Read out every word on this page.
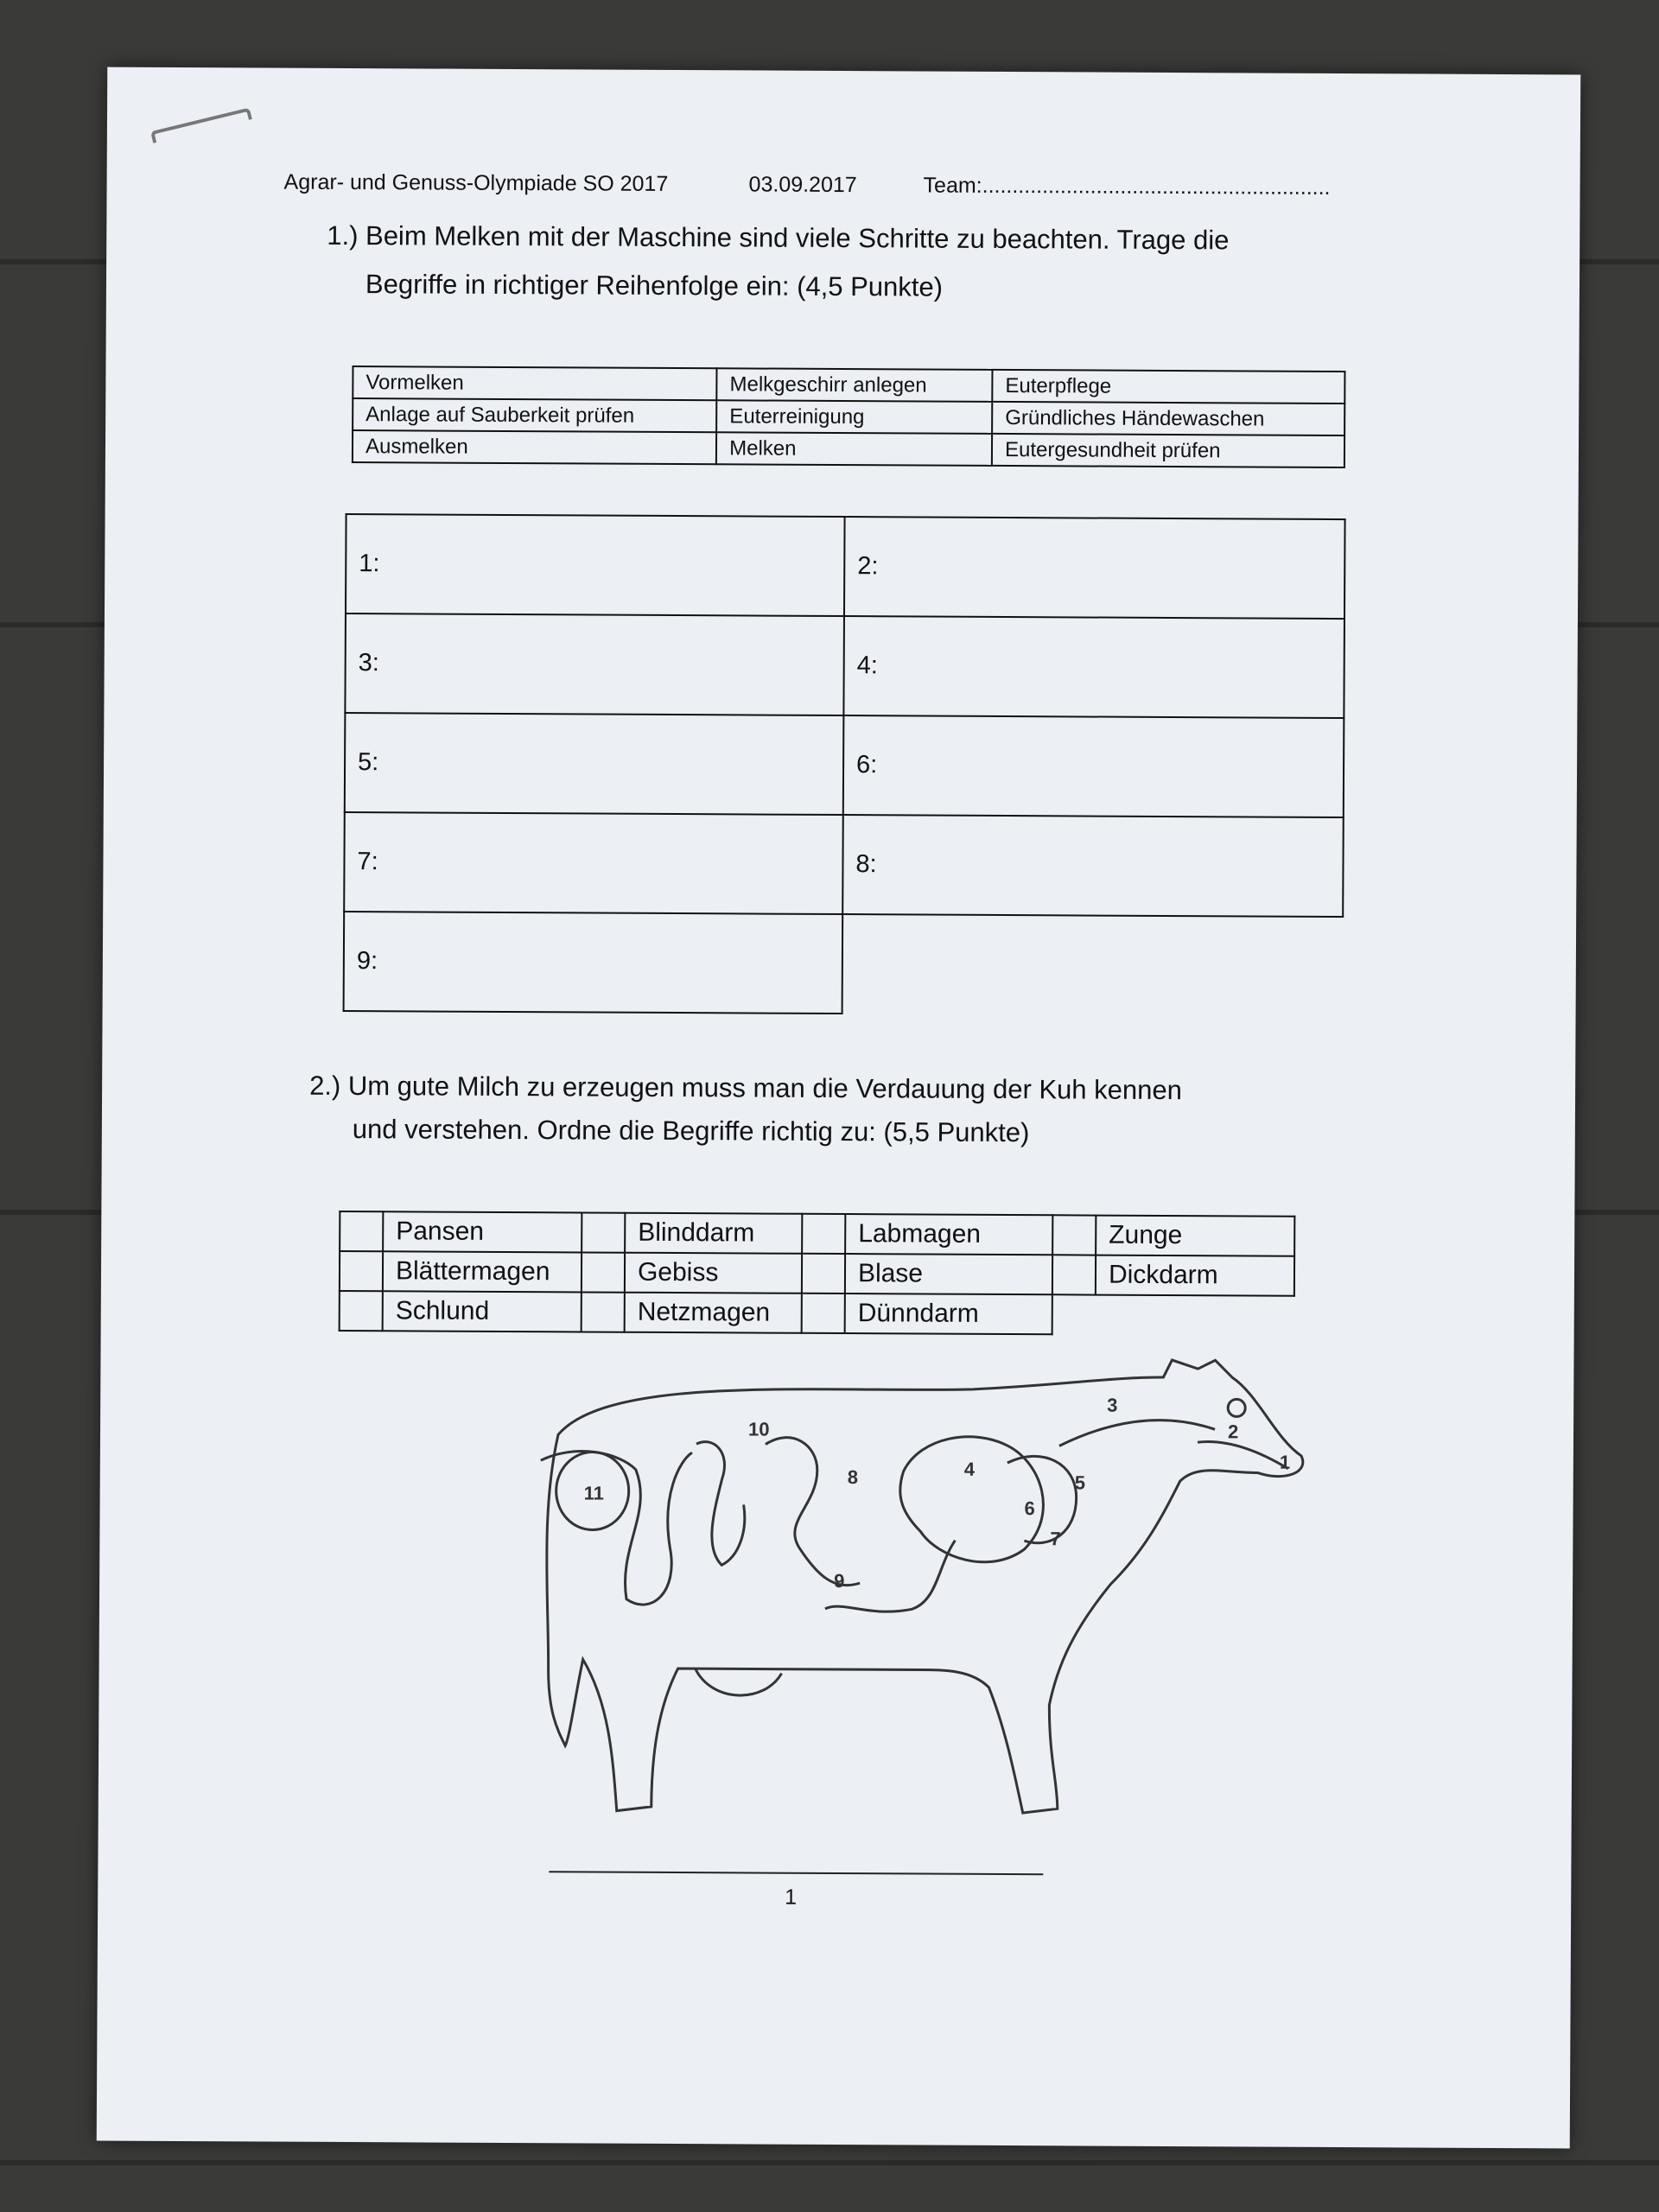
Agrar- und Genuss-Olympiade SO 2017	03.09.2017	Team:..........................................................
1.) Beim Melken mit der Maschine sind viele Schritte zu beachten. Trage die
Begriffe in richtiger Reihenfolge ein: (4,5 Punkte)
Vormelken	Melkgeschirr anlegen	Euterpflege
Anlage auf Sauberkeit prüfen	Euterreinigung	Gründliches Händewaschen
Ausmelken	Melken	Eutergesundheit prüfen
1:	2:
3:	4:
5:	6:
7:	8:
9:	
2.) Um gute Milch zu erzeugen muss man die Verdauung der Kuh kennen
und verstehen. Ordne die Begriffe richtig zu: (5,5 Punkte)
	Pansen		Blinddarm		Labmagen		Zunge
	Blättermagen		Gebiss		Blase		Dickdarm
	Schlund		Netzmagen		Dünndarm		
1
2
3
4
5
6
7
8
9
10
11
1
